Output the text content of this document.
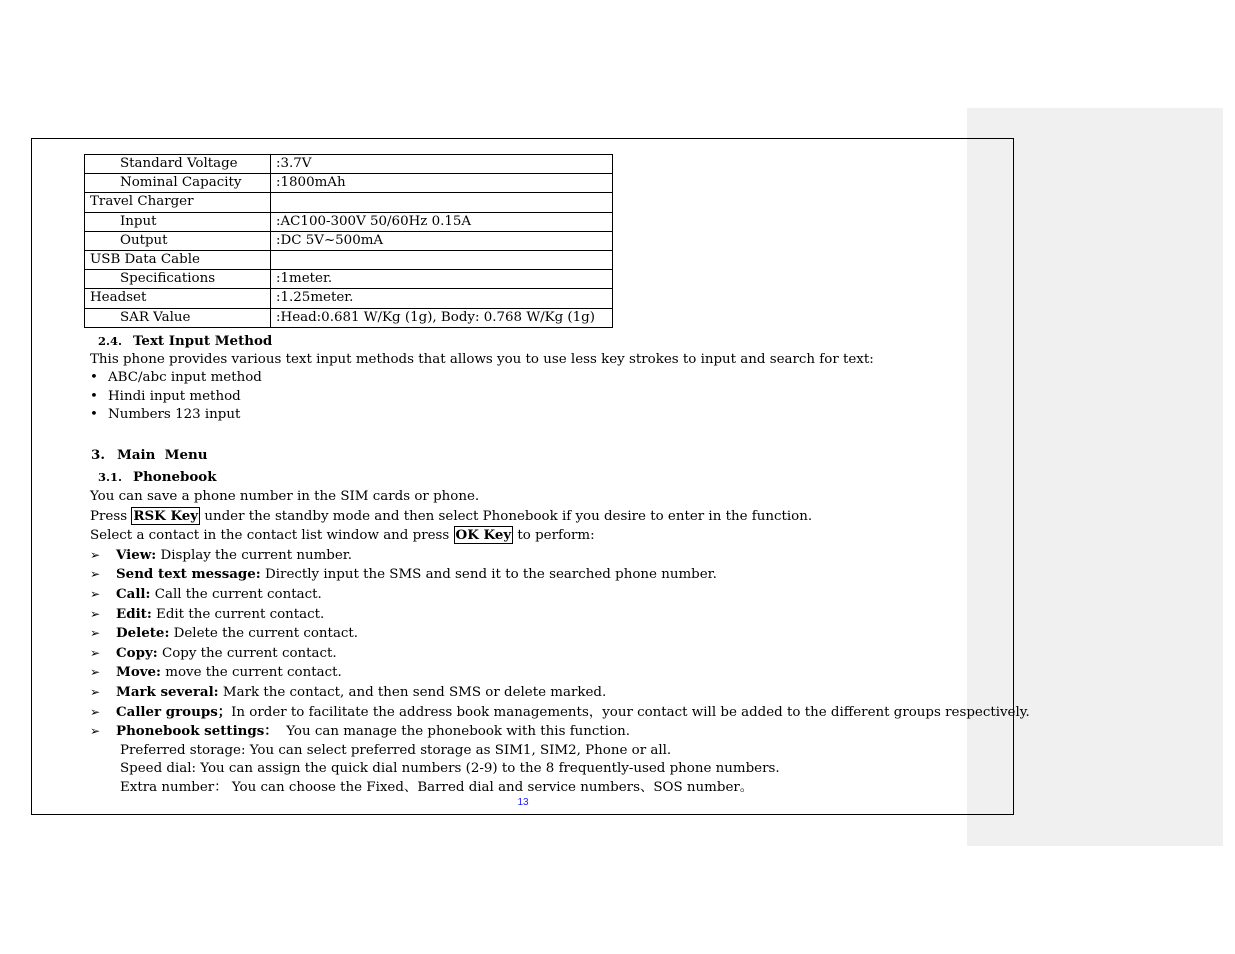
Standard Voltage	:3.7V
Nominal Capacity	:1800mAh
Travel Charger	
Input	:AC100-300V 50/60Hz 0.15A
Output	:DC 5V~500mA
USB Data Cable	
Specifications	:1meter.
Headset	:1.25meter.
SAR Value	:Head:0.681 W/Kg (1g), Body: 0.768 W/Kg (1g)
2.4. Text Input Method
This phone provides various text input methods that allows you to use less key strokes to input and search for text:
• ABC/abc input method
• Hindi input method
• Numbers 123 input
3. Main  Menu
3.1. Phonebook
You can save a phone number in the SIM cards or phone.
Press RSK Key under the standby mode and then select Phonebook if you desire to enter in the function.
Select a contact in the contact list window and press OK Key to perform:
➢ View: Display the current number.
➢ Send text message: Directly input the SMS and send it to the searched phone number.
➢ Call: Call the current contact.
➢ Edit: Edit the current contact.
➢ Delete: Delete the current contact.
➢ Copy: Copy the current contact.
➢ Move: move the current contact.
➢ Mark several: Mark the contact, and then send SMS or delete marked.
➢ Caller groups；In order to facilitate the address book managements，your contact will be added to the different groups respectively.
➢ Phonebook settings：  You can manage the phonebook with this function.
Preferred storage: You can select preferred storage as SIM1, SIM2, Phone or all.
Speed dial: You can assign the quick dial numbers (2-9) to the 8 frequently-used phone numbers.
Extra number： You can choose the Fixed、Barred dial and service numbers、SOS number。
13
